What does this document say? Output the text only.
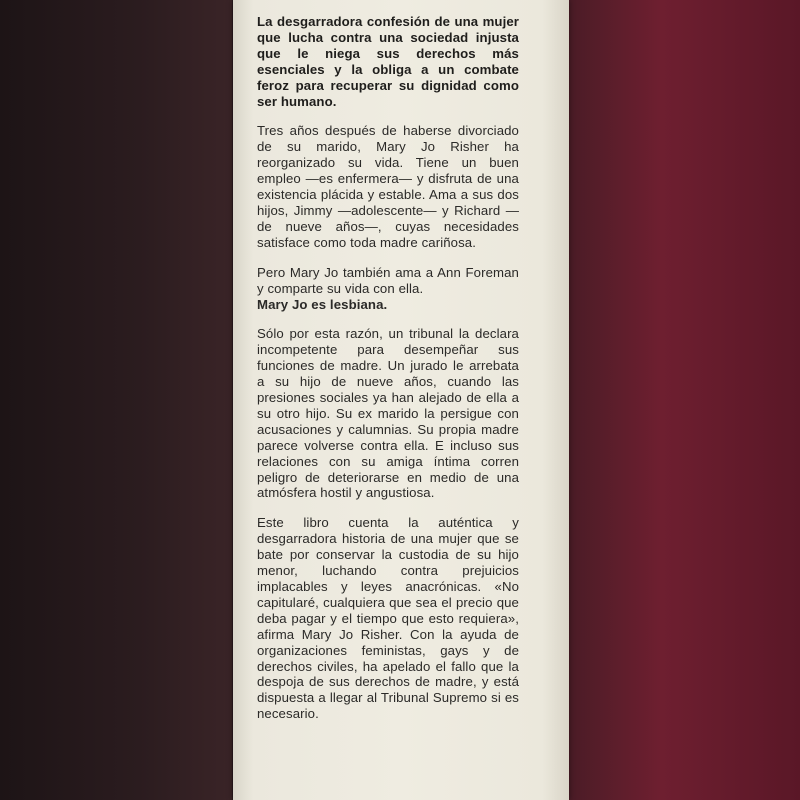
La desgarradora confesión de una mujer que lucha contra una sociedad injusta que le niega sus derechos más esenciales y la obliga a un combate feroz para recuperar su dignidad como ser humano.

Tres años después de haberse divorciado de su marido, Mary Jo Risher ha reorganizado su vida. Tiene un buen empleo —es enfermera— y disfruta de una existencia plácida y estable. Ama a sus dos hijos, Jimmy —adolescente— y Richard —de nueve años—, cuyas necesidades satisface como toda madre cariñosa.

Pero Mary Jo también ama a Ann Foreman y comparte su vida con ella.
Mary Jo es lesbiana.

Sólo por esta razón, un tribunal la declara incompetente para desempeñar sus funciones de madre. Un jurado le arrebata a su hijo de nueve años, cuando las presiones sociales ya han alejado de ella a su otro hijo. Su ex marido la persigue con acusaciones y calumnias. Su propia madre parece volverse contra ella. E incluso sus relaciones con su amiga íntima corren peligro de deteriorarse en medio de una atmósfera hostil y angustiosa.

Este libro cuenta la auténtica y desgarradora historia de una mujer que se bate por conservar la custodia de su hijo menor, luchando contra prejuicios implacables y leyes anacrónicas. «No capitularé, cualquiera que sea el precio que deba pagar y el tiempo que esto requiera», afirma Mary Jo Risher. Con la ayuda de organizaciones feministas, gays y de derechos civiles, ha apelado el fallo que la despoja de sus derechos de madre, y está dispuesta a llegar al Tribunal Supremo si es necesario.
